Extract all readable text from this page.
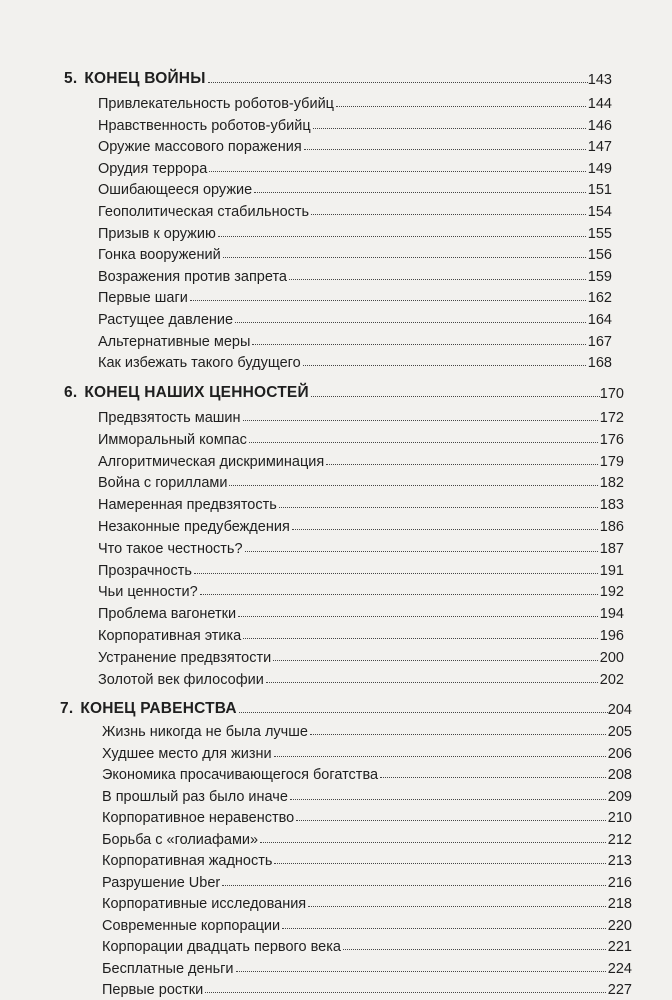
5. КОНЕЦ ВОЙНЫ	143
Привлекательность роботов-убийц	144
Нравственность роботов-убийц	146
Оружие массового поражения	147
Орудия террора	149
Ошибающееся оружие	151
Геополитическая стабильность	154
Призыв к оружию	155
Гонка вооружений	156
Возражения против запрета	159
Первые шаги	162
Растущее давление	164
Альтернативные меры	167
Как избежать такого будущего	168
6. КОНЕЦ НАШИХ ЦЕННОСТЕЙ	170
Предвзятость машин	172
Имморальный компас	176
Алгоритмическая дискриминация	179
Война с гориллами	182
Намеренная предвзятость	183
Незаконные предубеждения	186
Что такое честность?	187
Прозрачность	191
Чьи ценности?	192
Проблема вагонетки	194
Корпоративная этика	196
Устранение предвзятости	200
Золотой век философии	202
7. КОНЕЦ РАВЕНСТВА	204
Жизнь никогда не была лучше	205
Худшее место для жизни	206
Экономика просачивающегося богатства	208
В прошлый раз было иначе	209
Корпоративное неравенство	210
Борьба с «голиафами»	212
Корпоративная жадность	213
Разрушение Uber	216
Корпоративные исследования	218
Современные корпорации	220
Корпорации двадцать первого века	221
Бесплатные деньги	224
Первые ростки	227
